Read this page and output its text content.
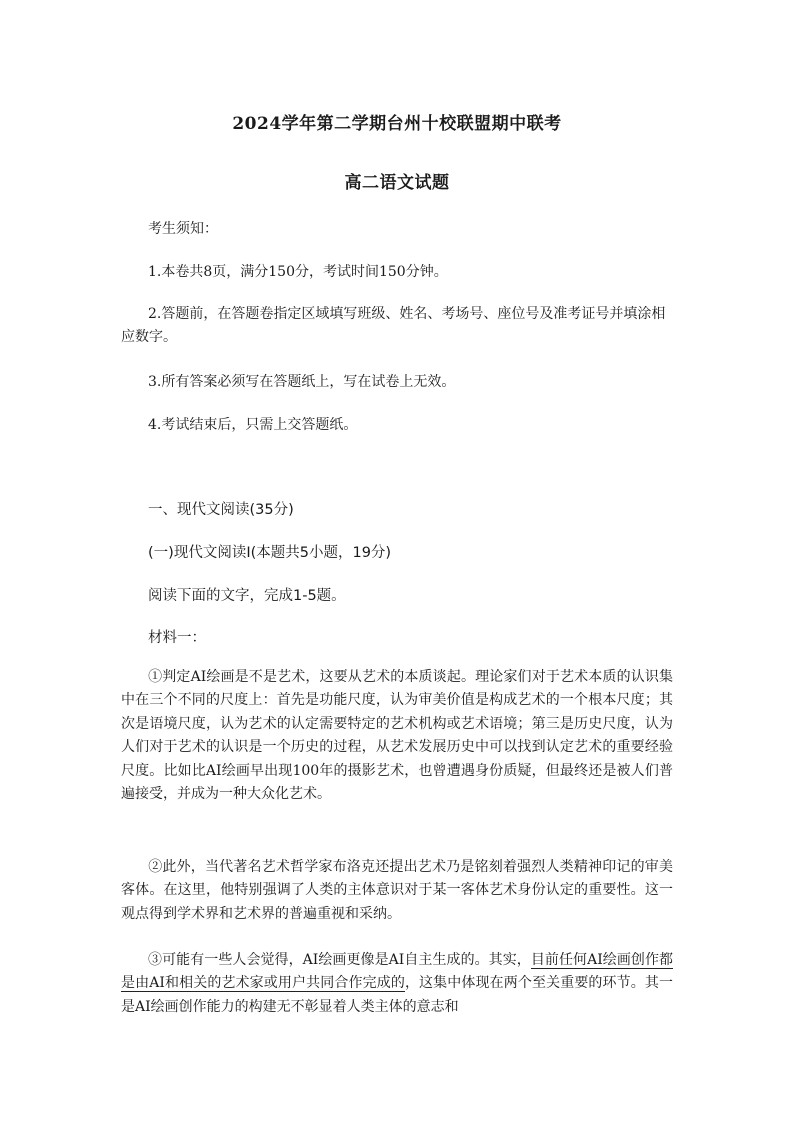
2024学年第二学期台州十校联盟期中联考
高二语文试题
考生须知：
1.本卷共8页，满分150分，考试时间150分钟。
2.答题前，在答题卷指定区域填写班级、姓名、考场号、座位号及准考证号并填涂相应数字。
3.所有答案必须写在答题纸上，写在试卷上无效。
4.考试结束后，只需上交答题纸。
一、现代文阅读(35分)
(一)现代文阅读Ⅰ(本题共5小题，19分)
阅读下面的文字，完成1-5题。
材料一：
①判定AI绘画是不是艺术，这要从艺术的本质谈起。理论家们对于艺术本质的认识集中在三个不同的尺度上：首先是功能尺度，认为审美价值是构成艺术的一个根本尺度；其次是语境尺度，认为艺术的认定需要特定的艺术机构或艺术语境；第三是历史尺度，认为人们对于艺术的认识是一个历史的过程，从艺术发展历史中可以找到认定艺术的重要经验尺度。比如比AI绘画早出现100年的摄影艺术，也曾遭遇身份质疑，但最终还是被人们普遍接受，并成为一种大众化艺术。
②此外，当代著名艺术哲学家布洛克还提出艺术乃是铭刻着强烈人类精神印记的审美客体。在这里，他特别强调了人类的主体意识对于某一客体艺术身份认定的重要性。这一观点得到学术界和艺术界的普遍重视和采纳。
③可能有一些人会觉得，AI绘画更像是AI自主生成的。其实，目前任何AI绘画创作都是由AI和相关的艺术家或用户共同合作完成的，这集中体现在两个至关重要的环节。其一是AI绘画创作能力的构建无不彰显着人类主体的意志和
